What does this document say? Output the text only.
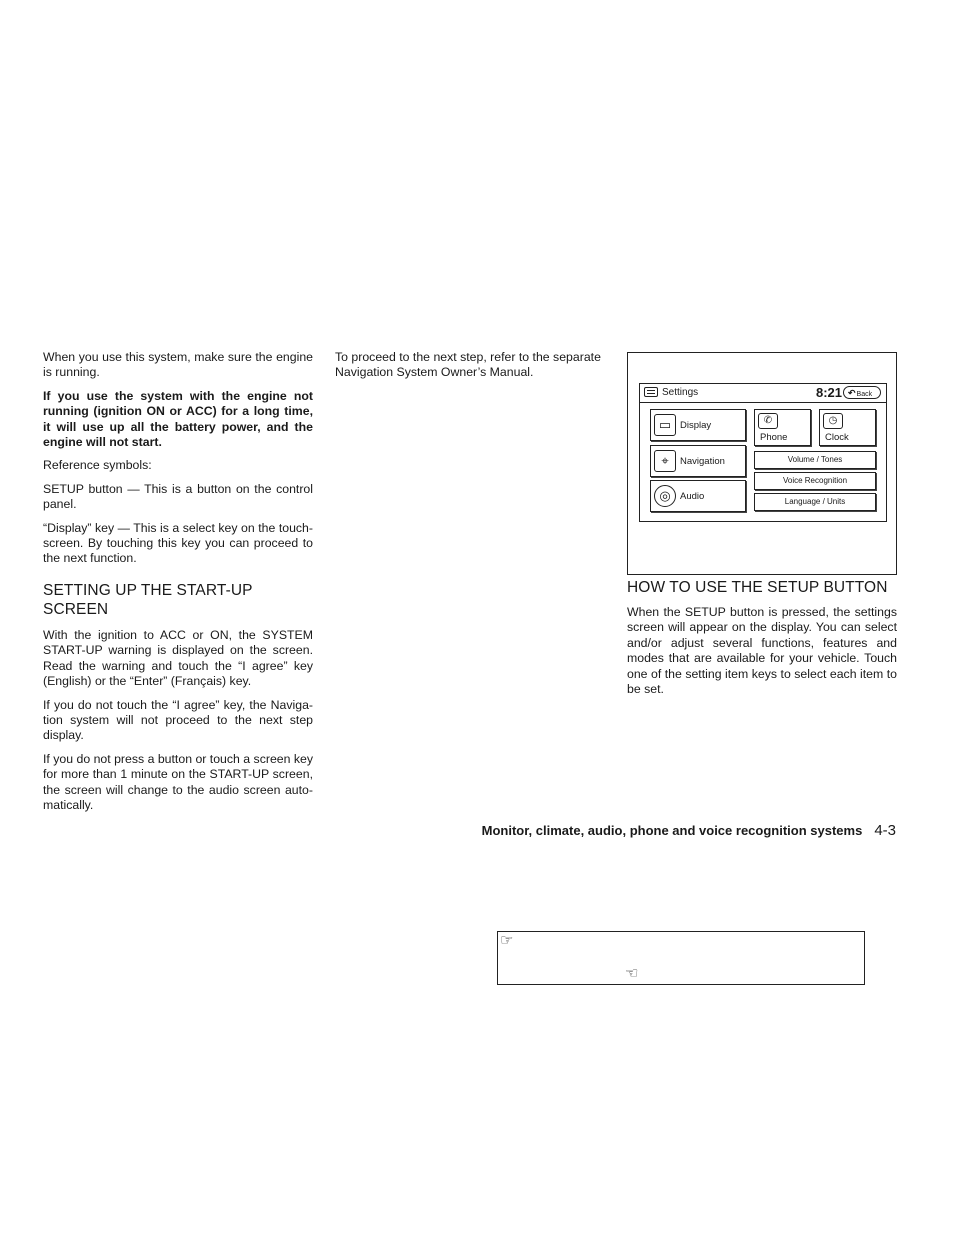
When you use this system, make sure the engine is running.

If you use the system with the engine not running (ignition ON or ACC) for a long time, it will use up all the battery power, and the engine will not start.

Reference symbols:

SETUP button — This is a button on the control panel.

“Display” key — This is a select key on the touch-screen. By touching this key you can proceed to the next function.

SETTING UP THE START-UP SCREEN

With the ignition to ACC or ON, the SYSTEM START-UP warning is displayed on the screen. Read the warning and touch the “I agree” key (English) or the “Enter” (Français) key.

If you do not touch the “I agree” key, the Naviga-tion system will not proceed to the next step display.

If you do not press a button or touch a screen key for more than 1 minute on the START-UP screen, the screen will change to the audio screen auto-matically.

To proceed to the next step, refer to the separate Navigation System Owner’s Manual.

Settings	8:21 ↶Back
▭ Display
⌖	Navigation
◎ Audio
✆
Phone
◷
Clock
Volume / Tones
Voice Recognition
Language / Units
HOW TO USE THE SETUP BUTTON

When the SETUP button is pressed, the settings screen will appear on the display. You can select and/or adjust several functions, features and modes that are available for your vehicle. Touch one of the setting item keys to select each item to be set.

Monitor, climate, audio, phone and voice recognition systems 4-3
☞
☜
